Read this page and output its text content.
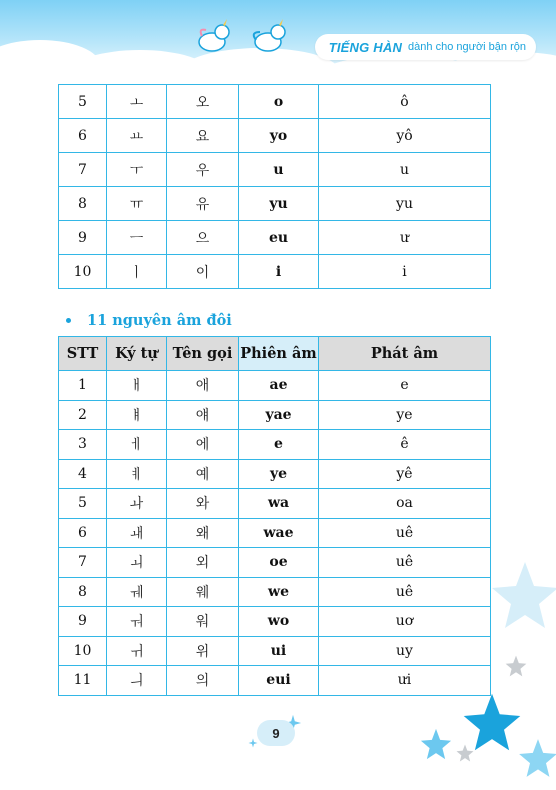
TIẾNG HÀN dành cho người bận rộn
5	ㅗ	오	o	ô
6	ㅛ	요	yo	yô
7	ㅜ	우	u	u
8	ㅠ	유	yu	yu
9	ㅡ	으	eu	ư
10	ㅣ	이	i	i
11 nguyên âm đôi
STT	Ký tự	Tên gọi	Phiên âm	Phát âm
1	ㅐ	애	ae	e
2	ㅒ	얘	yae	ye
3	ㅔ	에	e	ê
4	ㅖ	예	ye	yê
5	ㅘ	와	wa	oa
6	ㅙ	왜	wae	uê
7	ㅚ	외	oe	uê
8	ㅞ	웨	we	uê
9	ㅝ	워	wo	uơ
10	ㅟ	위	ui	uy
11	ㅢ	의	eui	ưi
9
